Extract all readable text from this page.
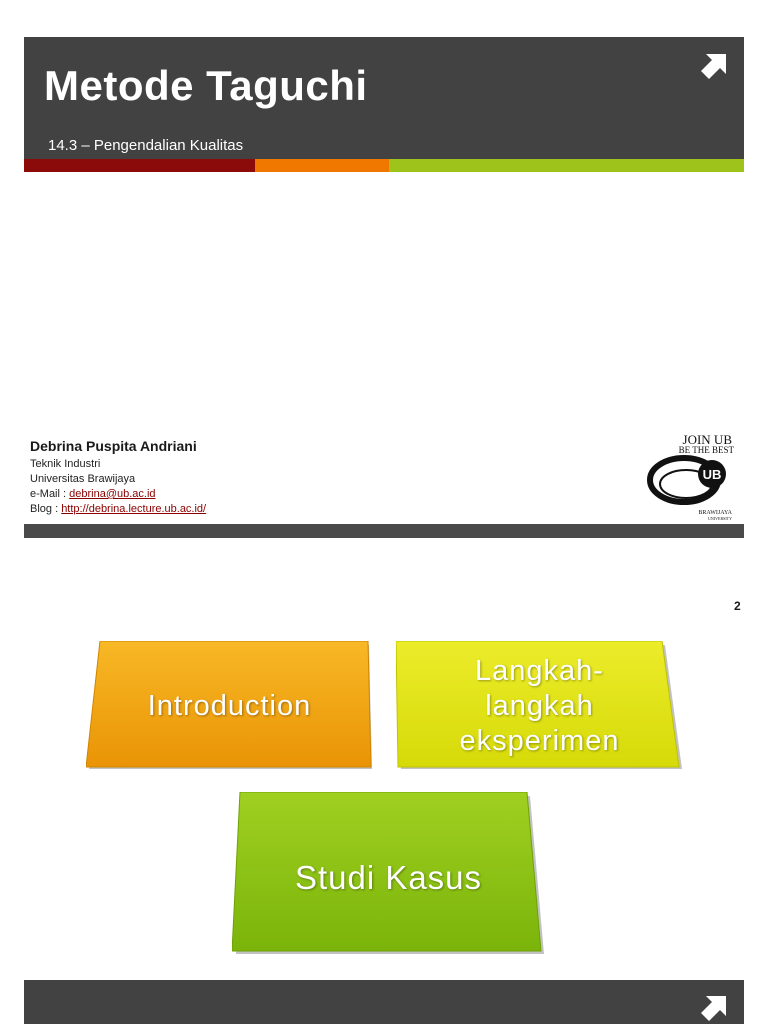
Metode Taguchi
14.3 – Pengendalian Kualitas
Debrina Puspita Andriani
Teknik Industri
Universitas Brawijaya
e-Mail : debrina@ub.ac.id
Blog : http://debrina.lecture.ub.ac.id/
JOIN UB
BE THE BEST
UB
BRAWIJAYA
UNIVERSITY
2
Introduction
Langkah-
langkah
eksperimen
Studi Kasus
